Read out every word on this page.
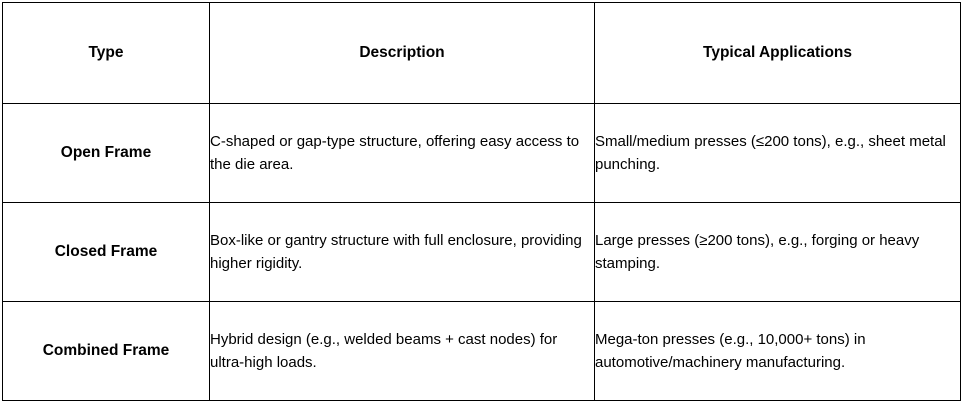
Type	Description	Typical Applications
Open Frame	C-shaped or gap-type structure, offering easy access to the die area.	Small/medium presses (≤200 tons), e.g., sheet metal punching.
Closed Frame	Box-like or gantry structure with full enclosure, providing higher rigidity.	Large presses (≥200 tons), e.g., forging or heavy stamping.
Combined Frame	Hybrid design (e.g., welded beams + cast nodes) for ultra-high loads.	Mega-ton presses (e.g., 10,000+ tons) in automotive/machinery manufacturing.
